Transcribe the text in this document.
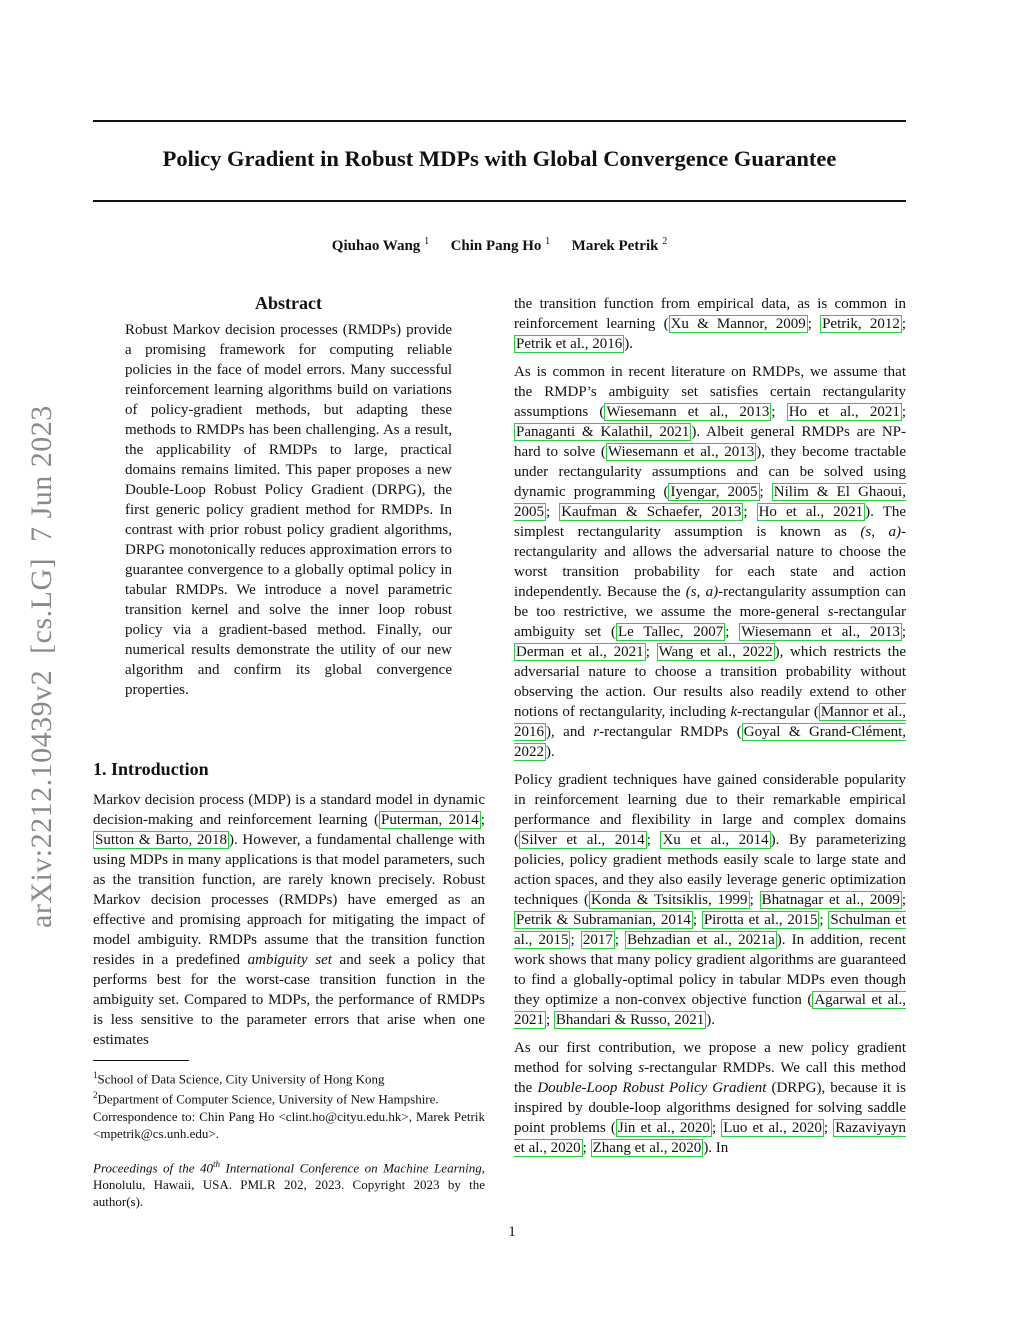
Policy Gradient in Robust MDPs with Global Convergence Guarantee
Qiuhao Wang $^1$ Chin Pang Ho $^1$ Marek Petrik $^2$
arXiv:2212.10439v2  [cs.LG]  7 Jun 2023
Abstract

Robust Markov decision processes (RMDPs) provide a promising framework for computing reliable policies in the face of model errors. Many successful reinforcement learning algorithms build on variations of policy-gradient methods, but adapting these methods to RMDPs has been challenging. As a result, the applicability of RMDPs to large, practical domains remains limited. This paper proposes a new Double-Loop Robust Policy Gradient (DRPG), the first generic policy gradient method for RMDPs. In contrast with prior robust policy gradient algorithms, DRPG monotonically reduces approximation errors to guarantee convergence to a globally optimal policy in tabular RMDPs. We introduce a novel parametric transition kernel and solve the inner loop robust policy via a gradient-based method. Finally, our numerical results demonstrate the utility of our new algorithm and confirm its global convergence properties.

1. Introduction

Markov decision process (MDP) is a standard model in dynamic decision-making and reinforcement learning ( Puterman, 2014 ; Sutton & Barto, 2018 ). However, a fundamental challenge with using MDPs in many applications is that model parameters, such as the transition function, are rarely known precisely. Robust Markov decision processes (RMDPs) have emerged as an effective and promising approach for mitigating the impact of model ambiguity. RMDPs assume that the transition function resides in a predefined ambiguity set and seek a policy that performs best for the worst-case transition function in the ambiguity set. Compared to MDPs, the performance of RMDPs is less sensitive to the parameter errors that arise when one estimates

the transition function from empirical data, as is common in reinforcement learning ( Xu & Mannor, 2009 ; Petrik, 2012 ; Petrik et al., 2016 ).

As is common in recent literature on RMDPs, we assume that the RMDP’s ambiguity set satisfies certain rectangularity assumptions ( Wiesemann et al., 2013 ; Ho et al., 2021 ; Panaganti & Kalathil, 2021 ). Albeit general RMDPs are NP-hard to solve ( Wiesemann et al., 2013 ), they become tractable under rectangularity assumptions and can be solved using dynamic programming ( Iyengar, 2005 ; Nilim & El Ghaoui, 2005 ; Kaufman & Schaefer, 2013 ; Ho et al., 2021 ). The simplest rectangularity assumption is known as (s, a)-rectangularity and allows the adversarial nature to choose the worst transition probability for each state and action independently. Because the (s, a)-rectangularity assumption can be too restrictive, we assume the more-general s-rectangular ambiguity set ( Le Tallec, 2007 ; Wiesemann et al., 2013 ; Derman et al., 2021 ; Wang et al., 2022 ), which restricts the adversarial nature to choose a transition probability without observing the action. Our results also readily extend to other notions of rectangularity, including k-rectangular ( Mannor et al., 2016 ), and r-rectangular RMDPs ( Goyal & Grand-Clément, 2022 ).

Policy gradient techniques have gained considerable popularity in reinforcement learning due to their remarkable empirical performance and flexibility in large and complex domains ( Silver et al., 2014 ; Xu et al., 2014 ). By parameterizing policies, policy gradient methods easily scale to large state and action spaces, and they also easily leverage generic optimization techniques ( Konda & Tsitsiklis, 1999 ; Bhatnagar et al., 2009 ; Petrik & Subramanian, 2014 ; Pirotta et al., 2015 ; Schulman et al., 2015 ; 2017 ; Behzadian et al., 2021a ). In addition, recent work shows that many policy gradient algorithms are guaranteed to find a globally-optimal policy in tabular MDPs even though they optimize a non-convex objective function ( Agarwal et al., 2021 ; Bhandari & Russo, 2021 ).

As our first contribution, we propose a new policy gradient method for solving s-rectangular RMDPs. We call this method the Double-Loop Robust Policy Gradient (DRPG), because it is inspired by double-loop algorithms designed for solving saddle point problems ( Jin et al., 2020 ; Luo et al., 2020 ; Razaviyayn et al., 2020 ; Zhang et al., 2020 ). In

$^1$School of Data Science, City University of Hong Kong

$^2$Department of Computer Science, University of New Hampshire.

Correspondence to: Chin Pang Ho <clint.ho@cityu.edu.hk>, Marek Petrik <mpetrik@cs.unh.edu>.

Proceedings of the 40th International Conference on Machine Learning, Honolulu, Hawaii, USA. PMLR 202, 2023. Copyright 2023 by the author(s).

1
